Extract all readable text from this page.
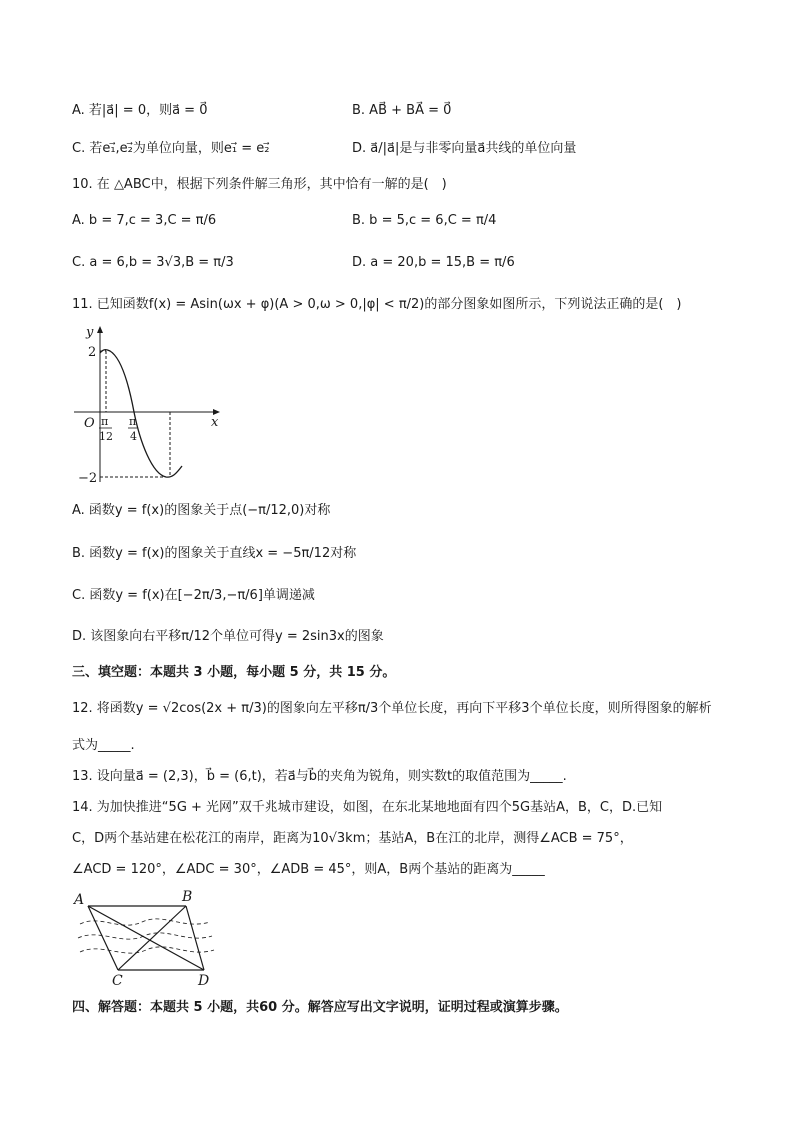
A. 若|a⃗| = 0，则a⃗ = 0⃗	B. AB⃗ + BA⃗ = 0⃗
C. 若e₁⃗,e₂⃗为单位向量，则e₁⃗ = e₂⃗	D. a⃗/|a⃗|是与非零向量a⃗共线的单位向量
10. 在 △ABC中，根据下列条件解三角形，其中恰有一解的是(　)
A. b = 7,c = 3,C = π/6	B. b = 5,c = 6,C = π/4
C. a = 6,b = 3√3,B = π/3	D. a = 20,b = 15,B = π/6
11. 已知函数f(x) = Asin(ωx + φ)(A > 0,ω > 0,|φ| < π/2)的部分图象如图所示，下列说法正确的是(　)
y
x
O
2
−2
π
12
π
4
A. 函数y = f(x)的图象关于点(−π/12,0)对称
B. 函数y = f(x)的图象关于直线x = −5π/12对称
C. 函数y = f(x)在[−2π/3,−π/6]单调递减
D. 该图象向右平移π/12个单位可得y = 2sin3x的图象
三、填空题：本题共 3 小题，每小题 5 分，共 15 分。
12. 将函数y = √2cos(2x + π/3)的图象向左平移π/3个单位长度，再向下平移3个单位长度，则所得图象的解析
式为_____.
13. 设向量a⃗ = (2,3)，b⃗ = (6,t)，若a⃗与b⃗的夹角为锐角，则实数t的取值范围为_____.
14. 为加快推进“5G + 光网”双千兆城市建设，如图，在东北某地地面有四个5G基站A，B，C，D.已知
C，D两个基站建在松花江的南岸，距离为10√3km；基站A，B在江的北岸，测得∠ACB = 75°，
∠ACD = 120°，∠ADC = 30°，∠ADB = 45°，则A，B两个基站的距离为_____
A	B
C	D
四、解答题：本题共 5 小题，共60 分。解答应写出文字说明，证明过程或演算步骤。
